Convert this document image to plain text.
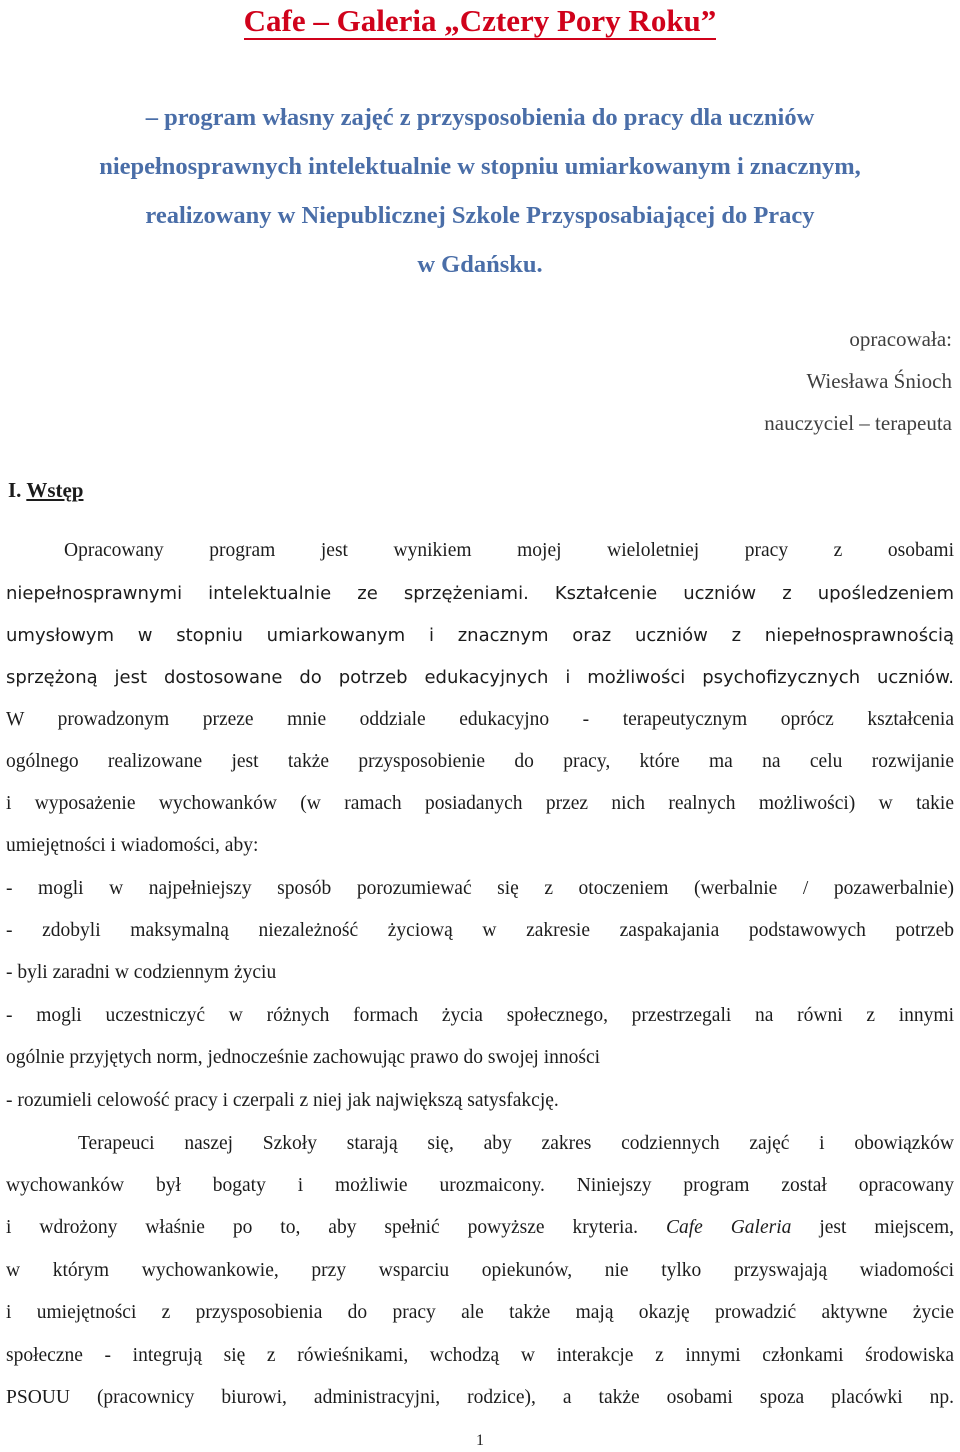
Cafe – Galeria „Cztery Pory Roku”

– program własny zajęć z przysposobienia do pracy dla uczniów

niepełnosprawnych intelektualnie w stopniu umiarkowanym i znacznym,

realizowany w Niepublicznej Szkole Przysposabiającej do Pracy

w Gdańsku.

opracowała:
Wiesława Śnioch
nauczyciel – terapeuta
I. Wstęp
Opracowany program jest wynikiem mojej wieloletniej pracy z osobami
niepełnosprawnymi intelektualnie ze sprzężeniami. Kształcenie uczniów z upośledzeniem
umysłowym w stopniu umiarkowanym i znacznym oraz uczniów z niepełnosprawnością
sprzężoną jest dostosowane do potrzeb edukacyjnych i możliwości psychofizycznych uczniów.
W prowadzonym przeze mnie oddziale edukacyjno - terapeutycznym oprócz kształcenia
ogólnego realizowane jest także przysposobienie do pracy, które ma na celu rozwijanie
i wyposażenie wychowanków (w ramach posiadanych przez nich realnych możliwości) w takie
umiejętności i wiadomości, aby:
- mogli w najpełniejszy sposób porozumiewać się z otoczeniem (werbalnie / pozawerbalnie)
- zdobyli maksymalną niezależność życiową w zakresie zaspakajania podstawowych potrzeb
- byli zaradni w codziennym życiu
- mogli uczestniczyć w różnych formach życia społecznego, przestrzegali na równi z innymi
ogólnie przyjętych norm, jednocześnie zachowując prawo do swojej inności
- rozumieli celowość pracy i czerpali z niej jak największą satysfakcję.
Terapeuci naszej Szkoły starają się, aby zakres codziennych zajęć i obowiązków
wychowanków był bogaty i możliwie urozmaicony. Niniejszy program został opracowany
i wdrożony właśnie po to, aby spełnić powyższe kryteria. Cafe Galeria jest miejscem,
w którym wychowankowie, przy wsparciu opiekunów, nie tylko przyswajają wiadomości
i umiejętności z przysposobienia do pracy ale także mają okazję prowadzić aktywne życie
społeczne - integrują się z rówieśnikami, wchodzą w interakcje z innymi członkami środowiska
PSOUU (pracownicy biurowi, administracyjni, rodzice), a także osobami spoza placówki np.
1
